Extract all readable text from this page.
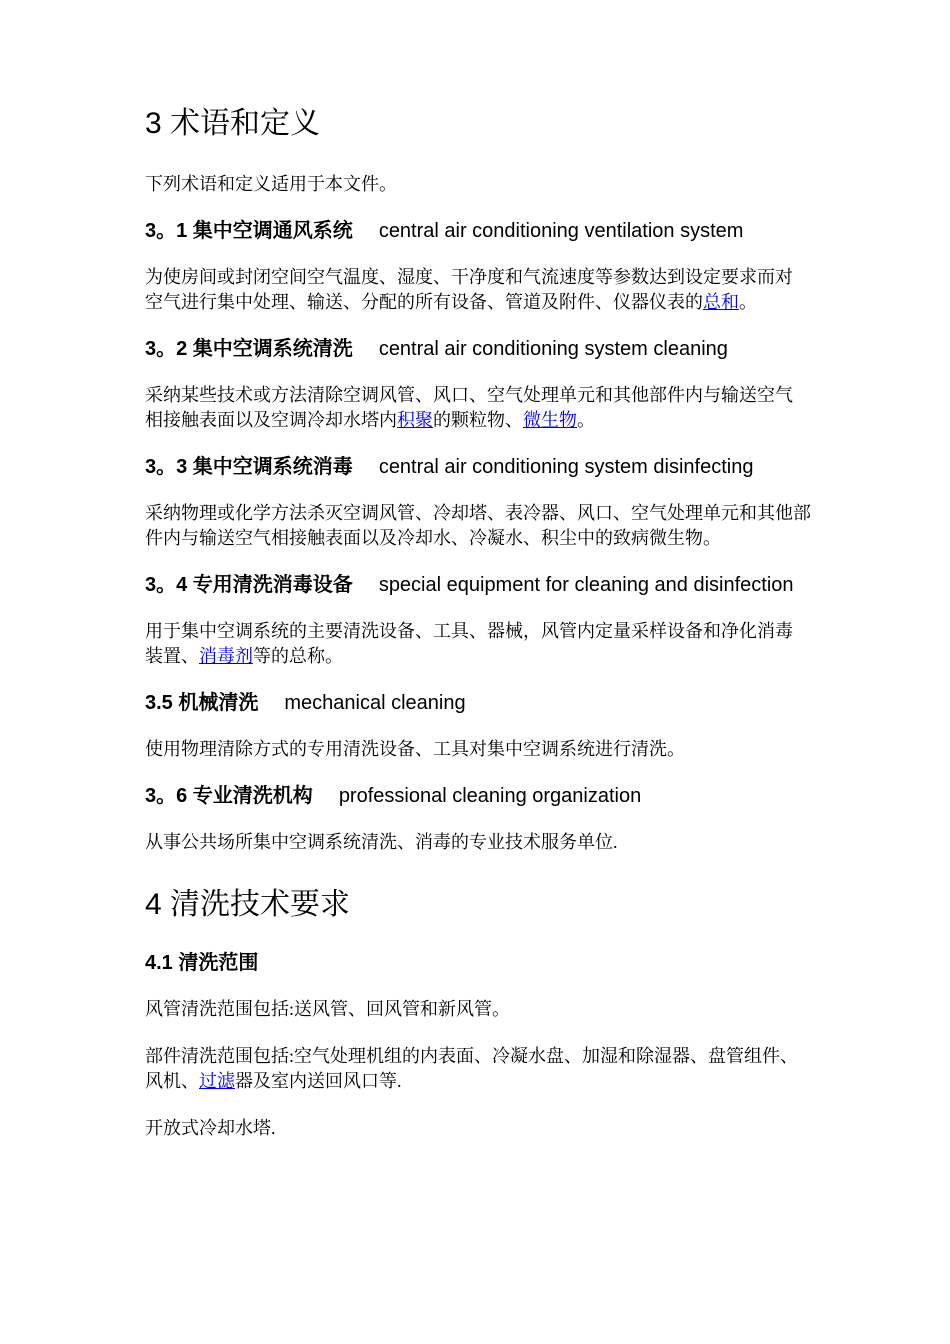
3 术语和定义

下列术语和定义适用于本文件。

3。1 集中空调通风系统 central air conditioning ventilation system

为使房间或封闭空间空气温度、湿度、干净度和气流速度等参数达到设定要求而对空气进行集中处理、输送、分配的所有设备、管道及附件、仪器仪表的总和。

3。2 集中空调系统清洗 central air conditioning system cleaning

采纳某些技术或方法清除空调风管、风口、空气处理单元和其他部件内与输送空气相接触表面以及空调冷却水塔内积聚的颗粒物、微生物。

3。3 集中空调系统消毒 central air conditioning system disinfecting

采纳物理或化学方法杀灭空调风管、冷却塔、表冷器、风口、空气处理单元和其他部件内与输送空气相接触表面以及冷却水、冷凝水、积尘中的致病微生物。

3。4 专用清洗消毒设备 special equipment for cleaning and disinfection

用于集中空调系统的主要清洗设备、工具、器械，风管内定量采样设备和净化消毒装置、消毒剂等的总称。

3.5 机械清洗 mechanical cleaning

使用物理清除方式的专用清洗设备、工具对集中空调系统进行清洗。

3。6 专业清洗机构 professional cleaning organization

从事公共场所集中空调系统清洗、消毒的专业技术服务单位.

4 清洗技术要求
4.1 清洗范围

风管清洗范围包括:送风管、回风管和新风管。

部件清洗范围包括:空气处理机组的内表面、冷凝水盘、加湿和除湿器、盘管组件、风机、过滤器及室内送回风口等.

开放式冷却水塔.
